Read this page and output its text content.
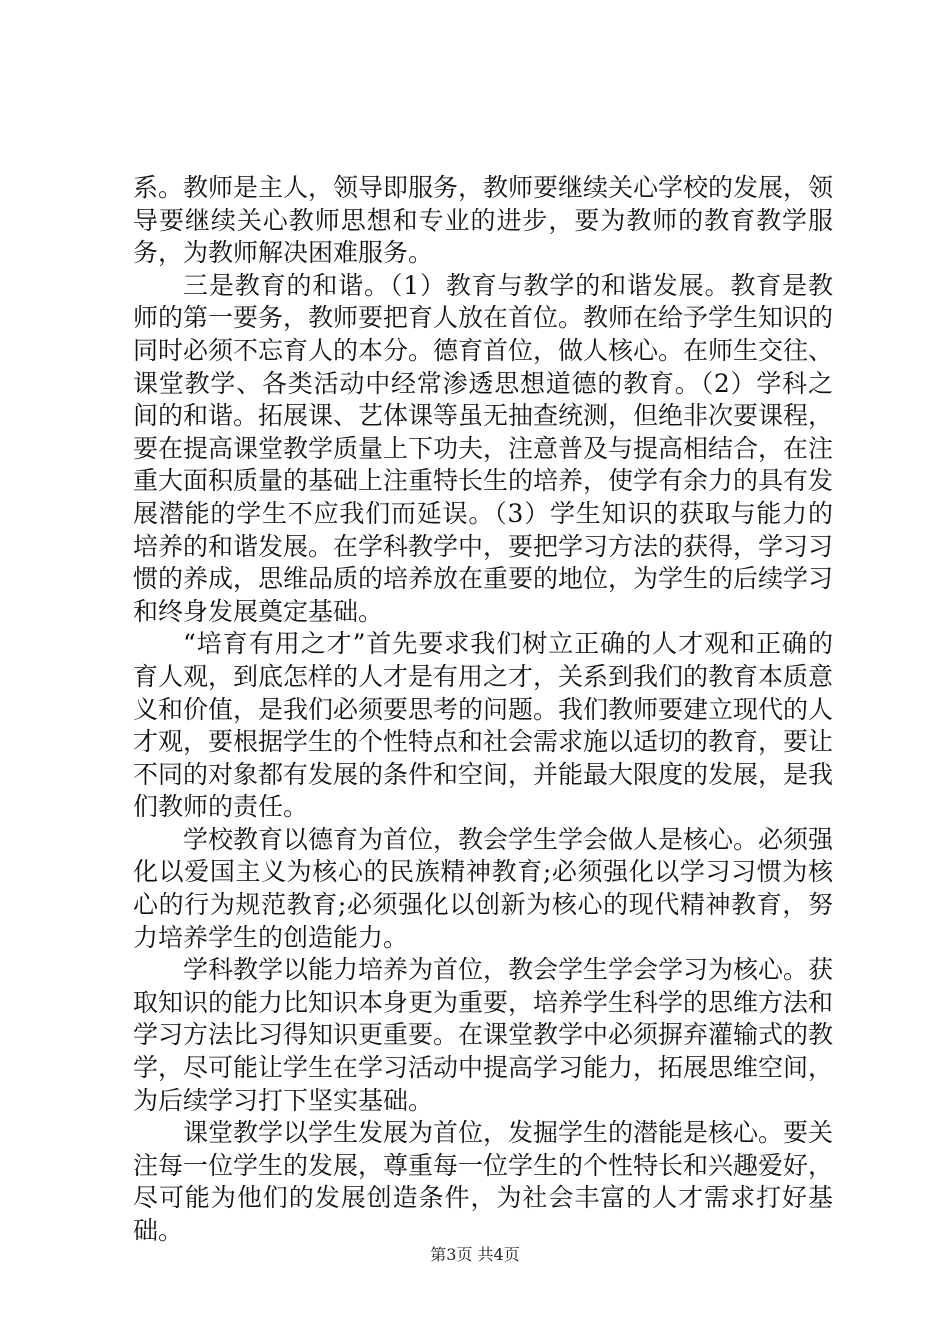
系。教师是主人，领导即服务，教师要继续关心学校的发展，领导要继续关心教师思想和专业的进步，要为教师的教育教学服务，为教师解决困难服务。

三是教育的和谐。（1）教育与教学的和谐发展。教育是教师的第一要务，教师要把育人放在首位。教师在给予学生知识的同时必须不忘育人的本分。德育首位，做人核心。在师生交往、课堂教学、各类活动中经常渗透思想道德的教育。（2）学科之间的和谐。拓展课、艺体课等虽无抽查统测，但绝非次要课程，要在提高课堂教学质量上下功夫，注意普及与提高相结合，在注重大面积质量的基础上注重特长生的培养，使学有余力的具有发展潜能的学生不应我们而延误。（3）学生知识的获取与能力的培养的和谐发展。在学科教学中，要把学习方法的获得，学习习惯的养成，思维品质的培养放在重要的地位，为学生的后续学习和终身发展奠定基础。

“培育有用之才”首先要求我们树立正确的人才观和正确的育人观，到底怎样的人才是有用之才，关系到我们的教育本质意义和价值，是我们必须要思考的问题。我们教师要建立现代的人才观，要根据学生的个性特点和社会需求施以适切的教育，要让不同的对象都有发展的条件和空间，并能最大限度的发展，是我们教师的责任。

学校教育以德育为首位，教会学生学会做人是核心。必须强化以爱国主义为核心的民族精神教育;必须强化以学习习惯为核心的行为规范教育;必须强化以创新为核心的现代精神教育，努力培养学生的创造能力。

学科教学以能力培养为首位，教会学生学会学习为核心。获取知识的能力比知识本身更为重要，培养学生科学的思维方法和学习方法比习得知识更重要。在课堂教学中必须摒弃灌输式的教学，尽可能让学生在学习活动中提高学习能力，拓展思维空间，为后续学习打下坚实基础。

课堂教学以学生发展为首位，发掘学生的潜能是核心。要关注每一位学生的发展，尊重每一位学生的个性特长和兴趣爱好，尽可能为他们的发展创造条件，为社会丰富的人才需求打好基础。

第3页 共4页
